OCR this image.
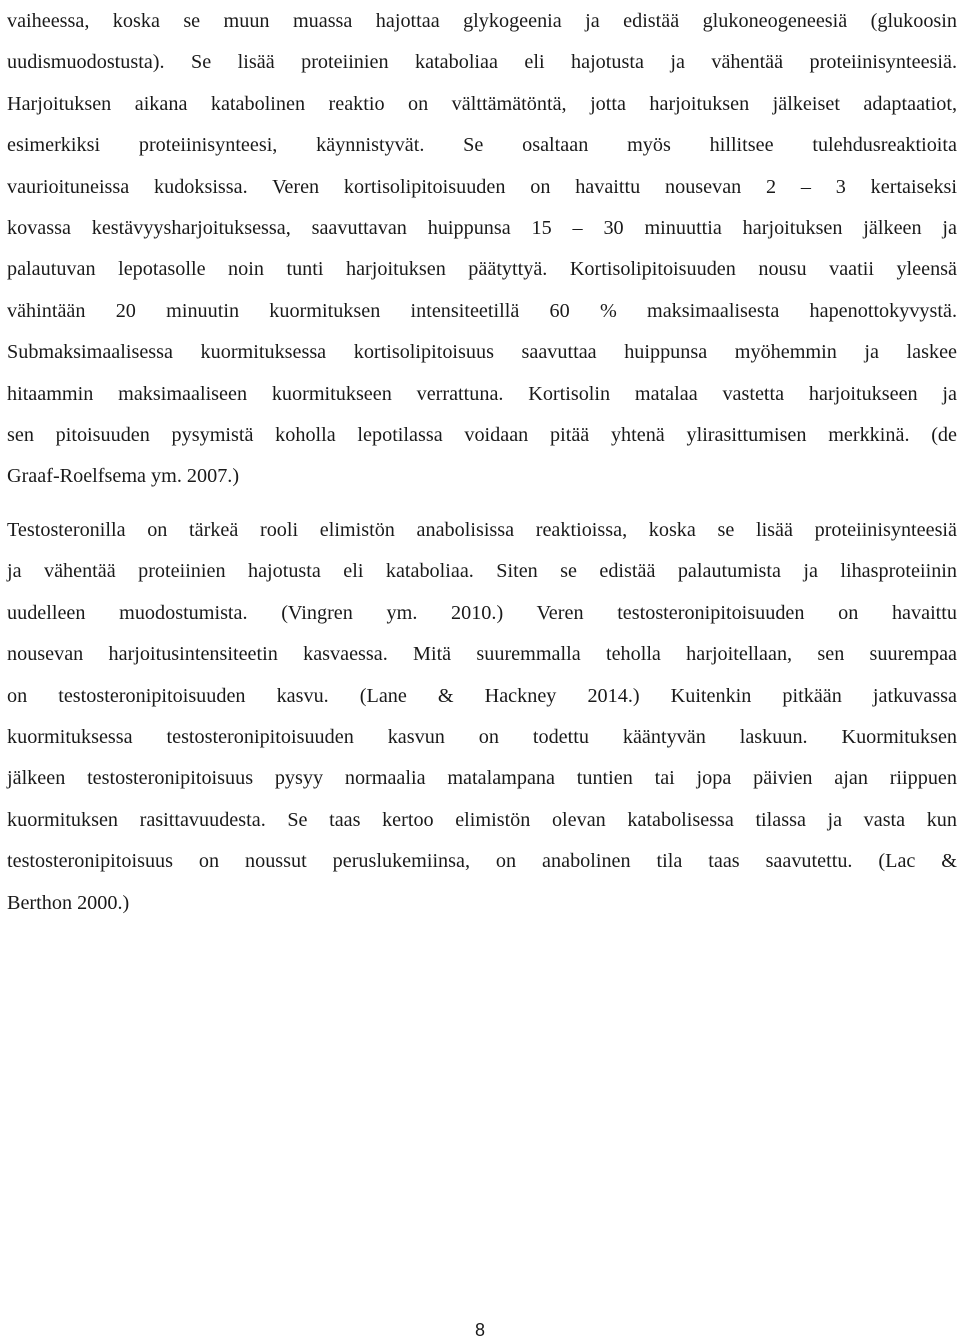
vaiheessa, koska se muun muassa hajottaa glykogeenia ja edistää glukoneogeneesiä (glukoosin
uudismuodostusta). Se lisää proteiinien kataboliaa eli hajotusta ja vähentää proteiinisynteesiä.
Harjoituksen aikana katabolinen reaktio on välttämätöntä, jotta harjoituksen jälkeiset adaptaatiot,
esimerkiksi proteiinisynteesi, käynnistyvät. Se osaltaan myös hillitsee tulehdusreaktioita
vaurioituneissa kudoksissa. Veren kortisolipitoisuuden on havaittu nousevan 2 – 3 kertaiseksi
kovassa kestävyysharjoituksessa, saavuttavan huippunsa 15 – 30 minuuttia harjoituksen jälkeen ja
palautuvan lepotasolle noin tunti harjoituksen päätyttyä. Kortisolipitoisuuden nousu vaatii yleensä
vähintään 20 minuutin kuormituksen intensiteetillä 60 % maksimaalisesta hapenottokyvystä.
Submaksimaalisessa kuormituksessa kortisolipitoisuus saavuttaa huippunsa myöhemmin ja laskee
hitaammin maksimaaliseen kuormitukseen verrattuna. Kortisolin matalaa vastetta harjoitukseen ja
sen pitoisuuden pysymistä koholla lepotilassa voidaan pitää yhtenä ylirasittumisen merkkinä. (de
Graaf-Roelfsema ym. 2007.)
Testosteronilla on tärkeä rooli elimistön anabolisissa reaktioissa, koska se lisää proteiinisynteesiä
ja vähentää proteiinien hajotusta eli kataboliaa. Siten se edistää palautumista ja lihasproteiinin
uudelleen muodostumista. (Vingren ym. 2010.) Veren testosteronipitoisuuden on havaittu
nousevan harjoitusintensiteetin kasvaessa. Mitä suuremmalla teholla harjoitellaan, sen suurempaa
on testosteronipitoisuuden kasvu. (Lane & Hackney 2014.) Kuitenkin pitkään jatkuvassa
kuormituksessa testosteronipitoisuuden kasvun on todettu kääntyvän laskuun. Kuormituksen
jälkeen testosteronipitoisuus pysyy normaalia matalampana tuntien tai jopa päivien ajan riippuen
kuormituksen rasittavuudesta. Se taas kertoo elimistön olevan katabolisessa tilassa ja vasta kun
testosteronipitoisuus on noussut peruslukemiinsa, on anabolinen tila taas saavutettu. (Lac &
Berthon 2000.)
8
